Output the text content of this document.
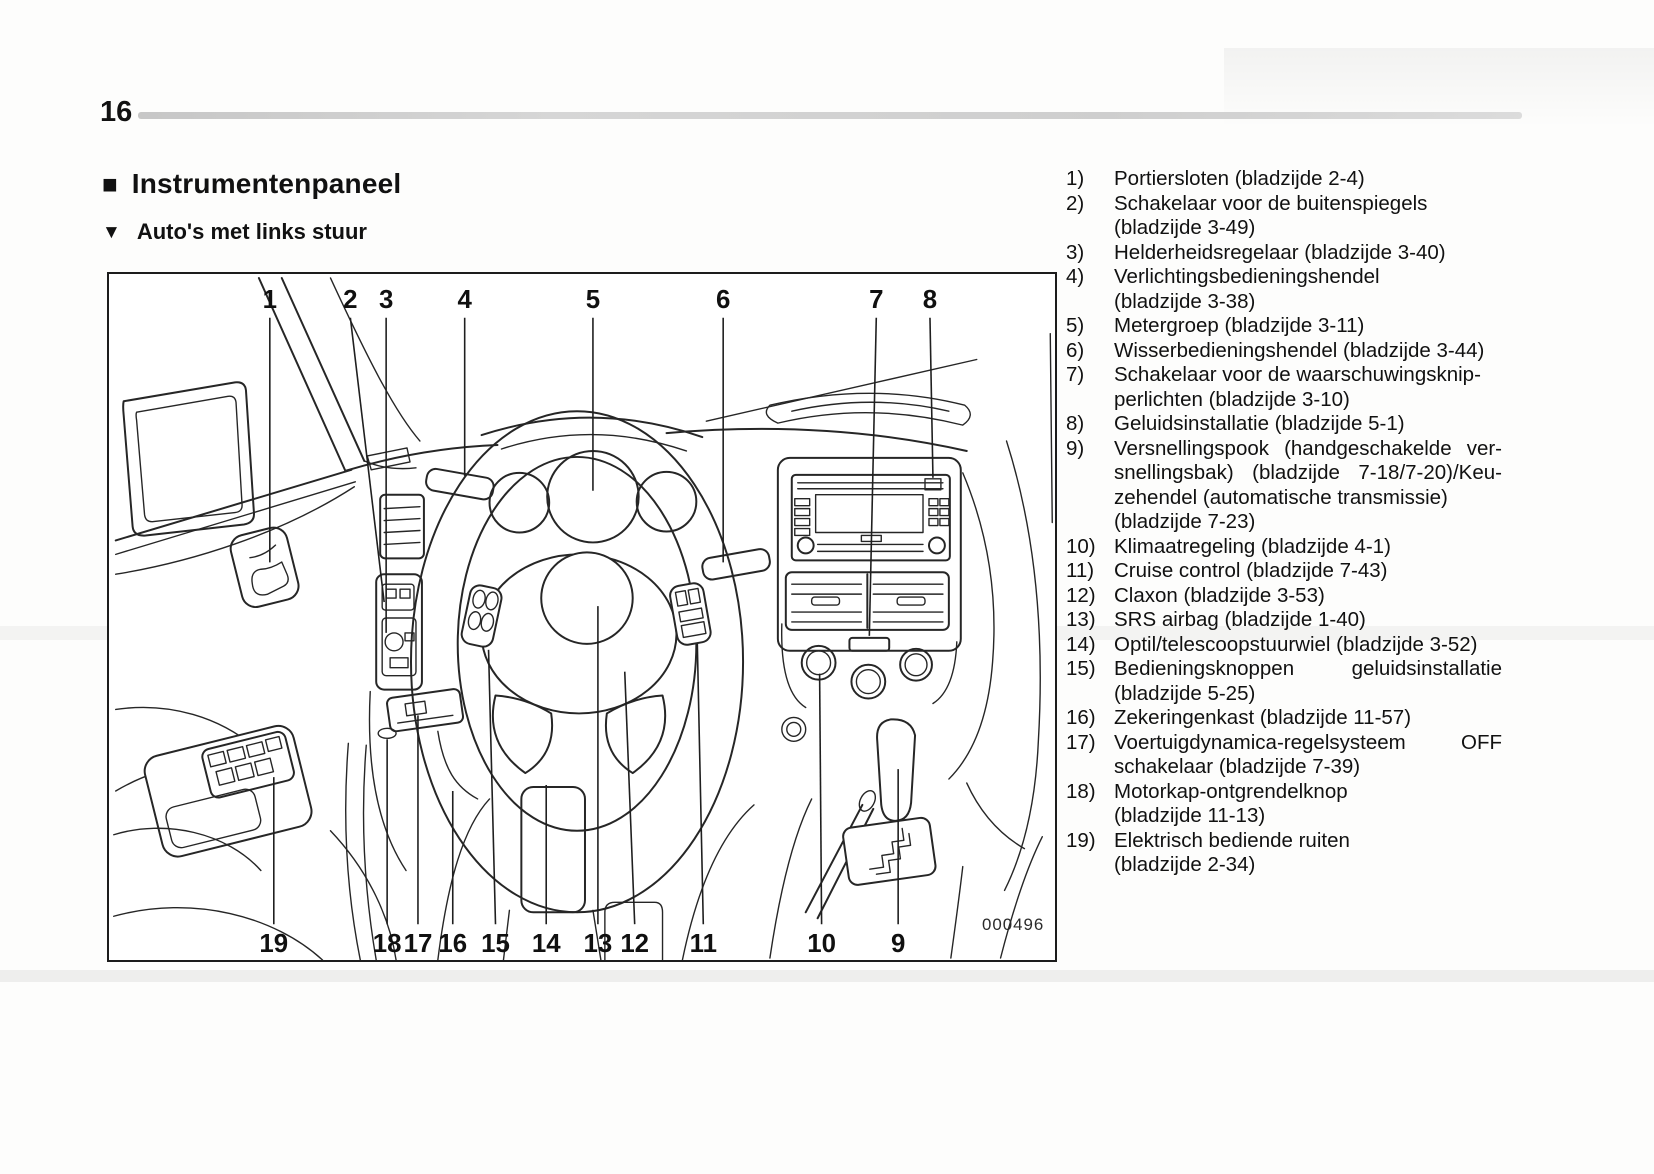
16
■ Instrumentenpaneel
▼ Auto's met links stuur
1	2 3 4	5	6	7 8
19	18 17 16 15 14 13 12 11	10 9
000496
1)	Portiersloten (bladzijde 2-4)
2)	Schakelaar voor de buitenspiegels
(bladzijde 3-49)
3)	Helderheidsregelaar (bladzijde 3-40)
4)	Verlichtingsbedieningshendel
(bladzijde 3-38)
5)	Metergroep (bladzijde 3-11)
6)	Wisserbedieningshendel (bladzijde 3-44)
7)	Schakelaar voor de waarschuwingsknip-
perlichten (bladzijde 3-10)
8)	Geluidsinstallatie (bladzijde 5-1)
9)	Versnellingspook (handgeschakelde ver-
snellingsbak) (bladzijde 7-18/7-20)/Keu-
zehendel (automatische transmissie)
(bladzijde 7-23)
10) Klimaatregeling (bladzijde 4-1)
11) Cruise control (bladzijde 7-43)
12) Claxon (bladzijde 3-53)
13) SRS airbag (bladzijde 1-40)
14) Optil/telescoopstuurwiel (bladzijde 3-52)
15) Bedieningsknoppen geluidsinstallatie
(bladzijde 5-25)
16) Zekeringenkast (bladzijde 11-57)
17) Voertuigdynamica-regelsysteem OFF
schakelaar (bladzijde 7-39)
18) Motorkap-ontgrendelknop
(bladzijde 11-13)
19) Elektrisch bediende ruiten
(bladzijde 2-34)
